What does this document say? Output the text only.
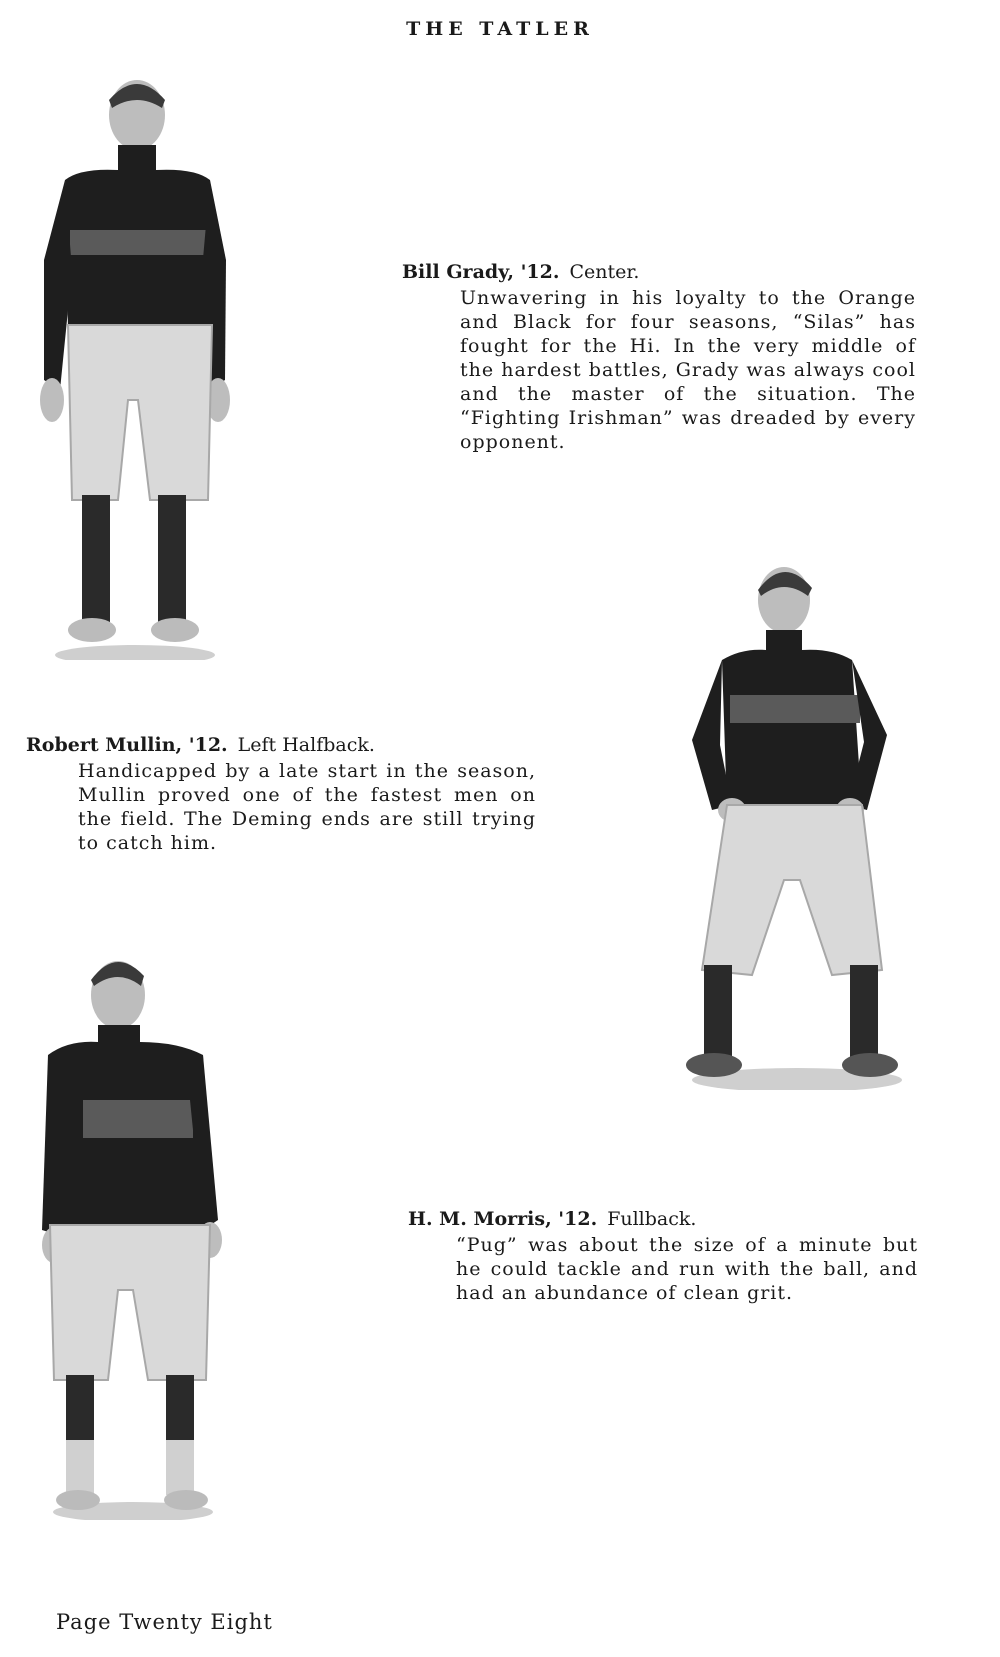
THE TATLER
Bill Grady, '12. Center.
Unwavering in his loyalty to the Orange and Black for four seasons, “Silas” has fought for the Hi. In the very middle of the hardest battles, Grady was always cool and the master of the situation. The “Fighting Irishman” was dreaded by every opponent.
Robert Mullin, '12. Left Halfback.
Handicapped by a late start in the season, Mullin proved one of the fastest men on the field. The Deming ends are still trying to catch him.
H. M. Morris, '12. Fullback.
“Pug” was about the size of a minute but he could tackle and run with the ball, and had an abundance of clean grit.
Page Twenty Eight
